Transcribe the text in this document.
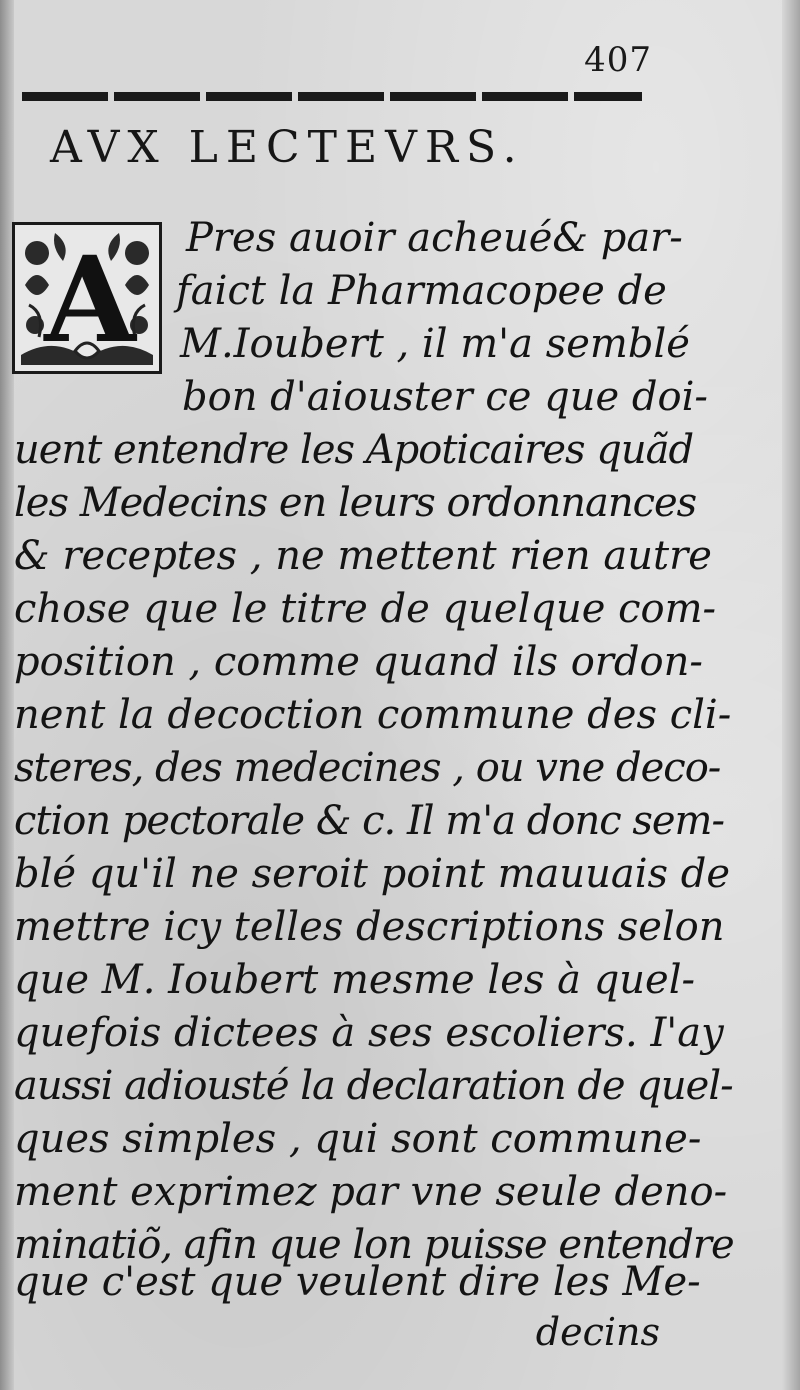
407
AVX LECTEVRS.
A	Pres auoir acheué& par-
faict la Pharmacopee de
M.Ioubert , il m'a semblé
bon d'aiouster ce que doi-
uent entendre les Apoticaires quãd
les Medecins en leurs ordonnances
& receptes , ne mettent rien autre
chose que le titre de quelque com-
position , comme quand ils ordon-
nent la decoction commune des cli-
steres, des medecines , ou vne deco-
ction pectorale & c. Il m'a donc sem-
blé qu'il ne seroit point mauuais de
mettre icy telles descriptions selon
que M. Ioubert mesme les à quel-
quefois dictees à ses escoliers. I'ay
aussi adiousté la declaration de quel-
ques simples , qui sont commune-
ment exprimez par vne seule deno-
minatiõ, afin que lon puisse entendre
que c'est que veulent dire les Me-
decins
